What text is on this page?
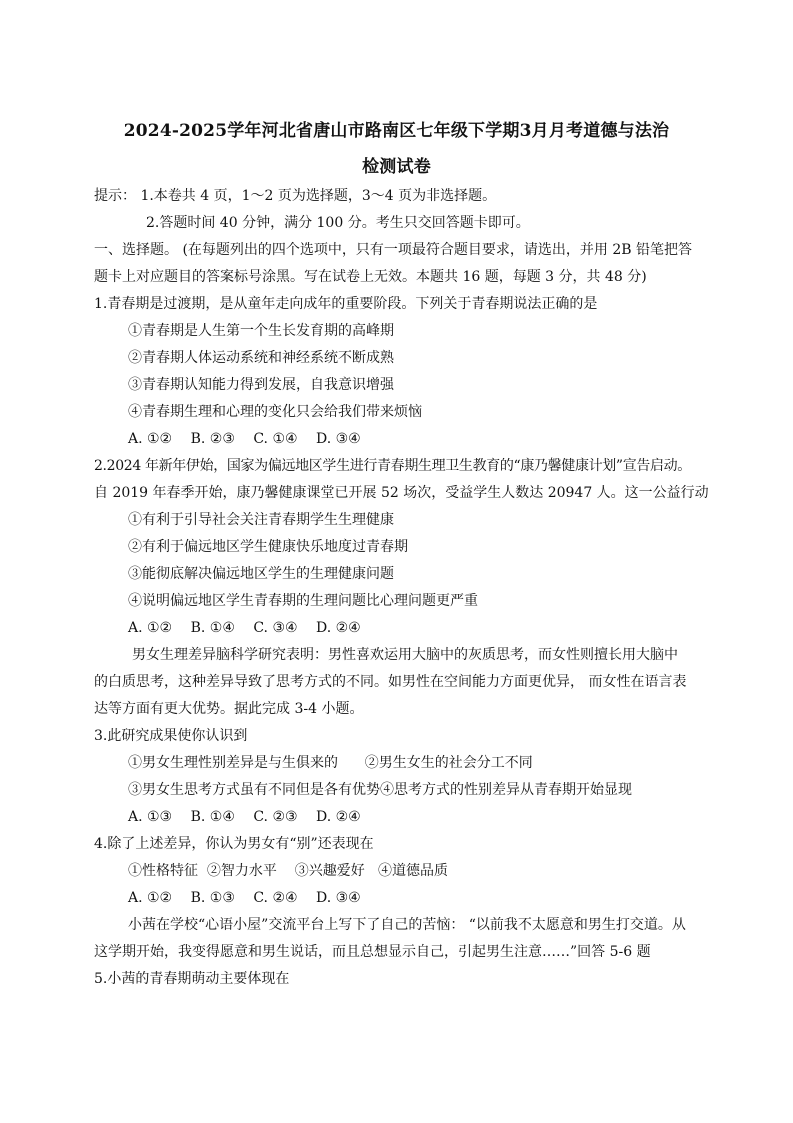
2024-2025学年河北省唐山市路南区七年级下学期3月月考道德与法治
检测试卷
提示： 1.本卷共 4 页，1～2 页为选择题，3～4 页为非选择题。
2.答题时间 40 分钟，满分 100 分。考生只交回答题卡即可。
一、选择题。 (在每题列出的四个选项中，只有一项最符合题目要求，请选出，并用 2B 铅笔把答
题卡上对应题目的答案标号涂黑。写在试卷上无效。本题共 16 题，每题 3 分，共 48 分)
1.青春期是过渡期，是从童年走向成年的重要阶段。下列关于青春期说法正确的是
①青春期是人生第一个生长发育期的高峰期
②青春期人体运动系统和神经系统不断成熟
③青春期认知能力得到发展，自我意识增强
④青春期生理和心理的变化只会给我们带来烦恼
A. ①② B. ②③ C. ①④ D. ③④
2.2024 年新年伊始，国家为偏远地区学生进行青春期生理卫生教育的“康乃馨健康计划”宣告启动。
自 2019 年春季开始，康乃馨健康课堂已开展 52 场次，受益学生人数达 20947 人。这一公益行动
①有利于引导社会关注青春期学生生理健康
②有利于偏远地区学生健康快乐地度过青春期
③能彻底解决偏远地区学生的生理健康问题
④说明偏远地区学生青春期的生理问题比心理问题更严重
A. ①② B. ①④ C. ③④ D. ②④
男女生理差异脑科学研究表明：男性喜欢运用大脑中的灰质思考，而女性则擅长用大脑中
的白质思考，这种差异导致了思考方式的不同。如男性在空间能力方面更优异， 而女性在语言表
达等方面有更大优势。据此完成 3-4 小题。
3.此研究成果使你认识到
①男女生理性别差异是与生俱来的      ②男生女生的社会分工不同
③男女生思考方式虽有不同但是各有优势④思考方式的性别差异从青春期开始显现
A. ①③ B. ①④ C. ②③ D. ②④
4.除了上述差异，你认为男女有“别”还表现在
①性格特征  ②智力水平    ③兴趣爱好   ④道德品质
A. ①② B. ①③ C. ②④ D. ③④
小茜在学校“心语小屋”交流平台上写下了自己的苦恼： “以前我不太愿意和男生打交道。从
这学期开始，我变得愿意和男生说话，而且总想显示自己，引起男生注意……”回答 5-6 题
5.小茜的青春期萌动主要体现在
